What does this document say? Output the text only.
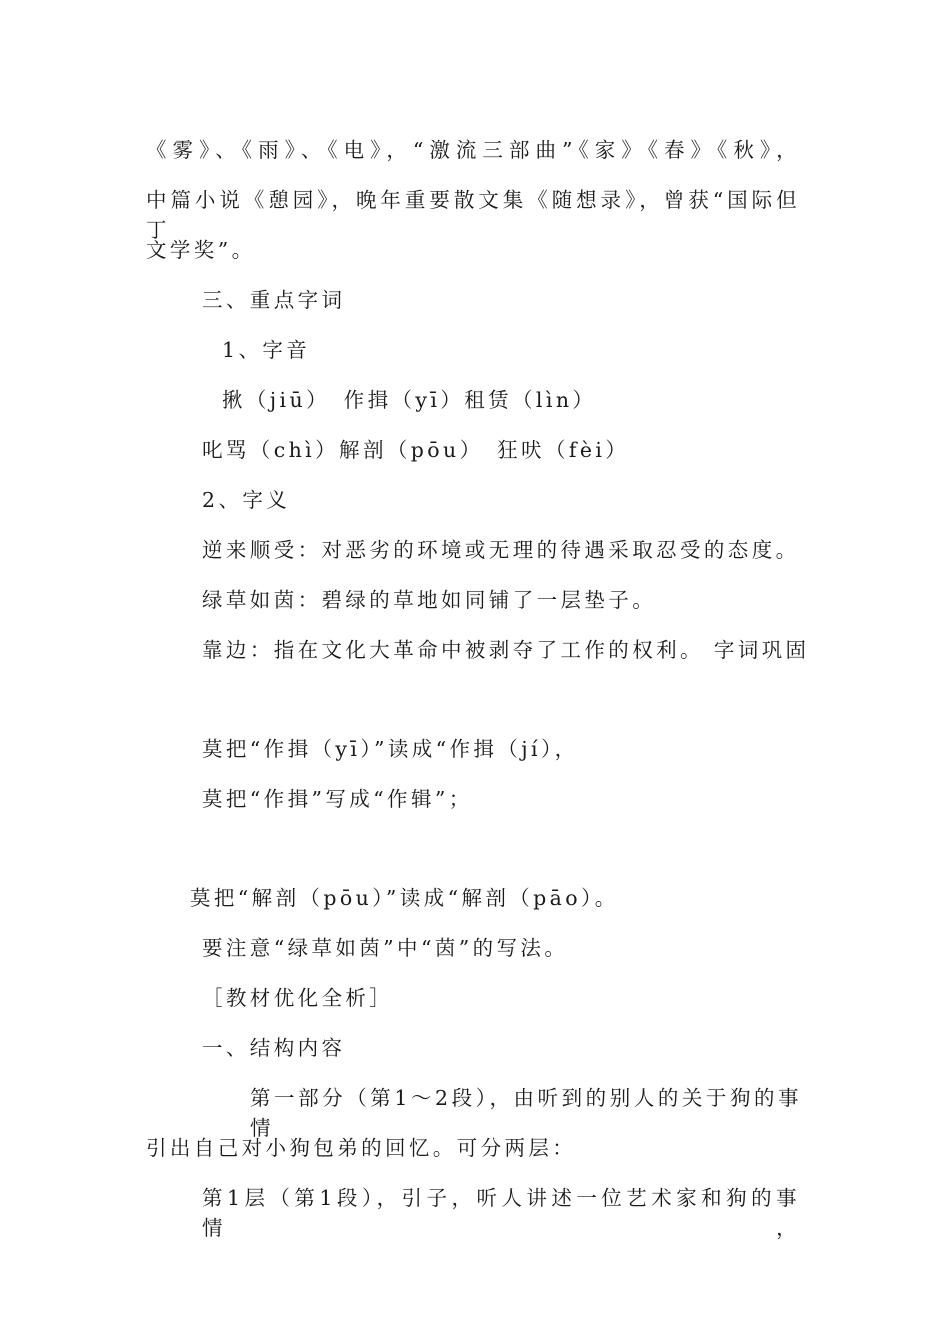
《雾》、《雨》、《电》，“激流三部曲”《家》《春》《秋》，

中篇小说《憩园》，晚年重要散文集《随想录》，曾获“国际但丁

文学奖”。

三、重点字词

1、字音

揪（jiū）　作揖（yī）租赁（lìn）

叱骂（chì）解剖（pōu）　狂吠（fèi）

2、字义

逆来顺受：对恶劣的环境或无理的待遇采取忍受的态度。

绿草如茵：碧绿的草地如同铺了一层垫子。

靠边：指在文化大革命中被剥夺了工作的权利。 字词巩固

莫把“作揖（yī）”读成“作揖（jí），

莫把“作揖”写成“作辑”；

莫把“解剖（pōu）”读成“解剖（pāo）。

要注意“绿草如茵”中“茵”的写法。

［教材优化全析］

一、结构内容

第一部分（第1～2段），由听到的别人的关于狗的事情

引出自己对小狗包弟的回忆。可分两层：

第1层（第1段），引子，听人讲述一位艺术家和狗的事情，
